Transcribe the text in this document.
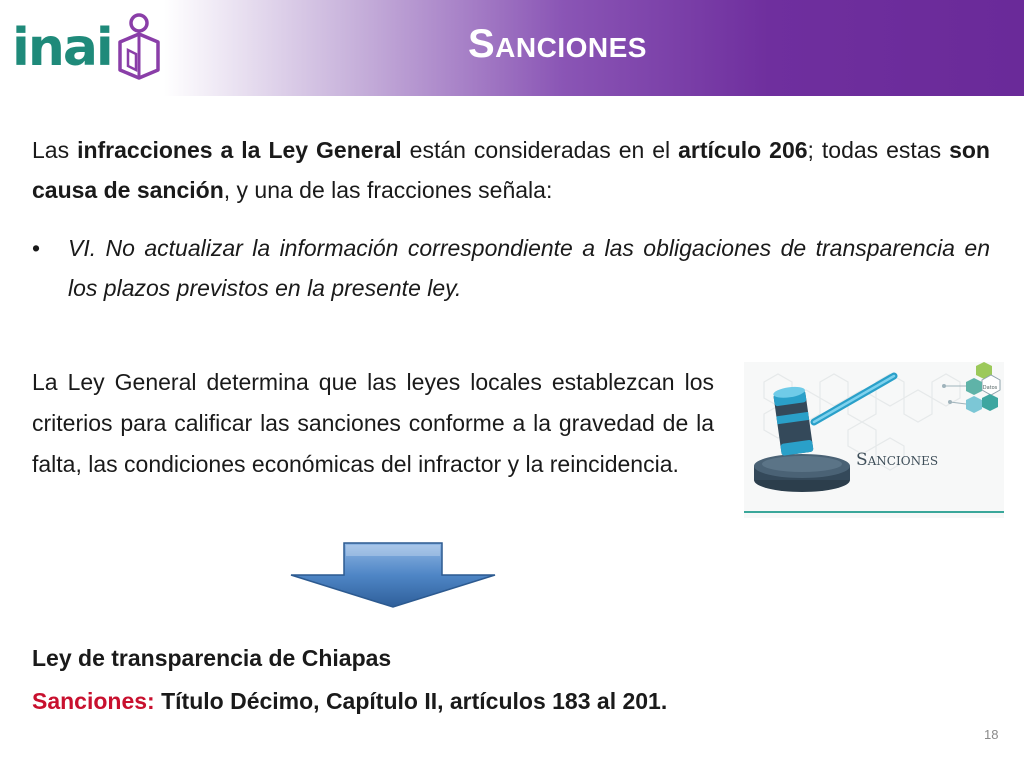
inai	Sanciones
Las infracciones a la Ley General están consideradas en el artículo 206; todas estas son causa de sanción, y una de las fracciones señala:
• VI. No actualizar la información correspondiente a las obligaciones de transparencia en los plazos previstos en la presente ley.
La Ley General determina que las leyes locales establezcan los criterios para calificar las sanciones conforme a la gravedad de la falta, las condiciones económicas del infractor y la reincidencia.
Datos
Sanciones
Ley de transparencia de Chiapas
Sanciones: Título Décimo, Capítulo II, artículos 183 al 201.
18
